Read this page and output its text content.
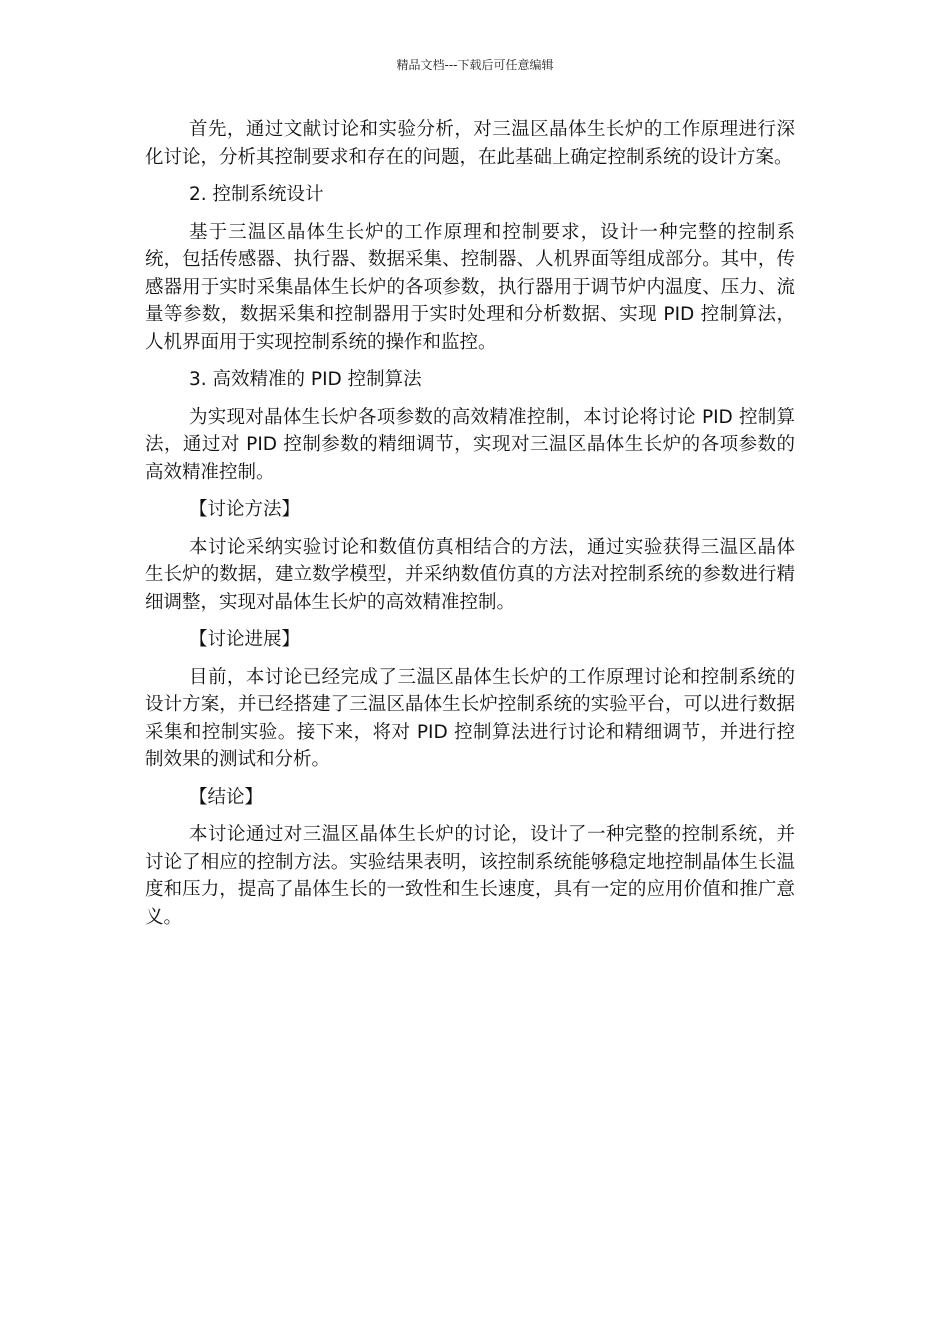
精品文档---下载后可任意编辑

首先，通过文献讨论和实验分析，对三温区晶体生长炉的工作原理进行深化讨论，分析其控制要求和存在的问题，在此基础上确定控制系统的设计方案。

2. 控制系统设计

基于三温区晶体生长炉的工作原理和控制要求，设计一种完整的控制系统，包括传感器、执行器、数据采集、控制器、人机界面等组成部分。其中，传感器用于实时采集晶体生长炉的各项参数，执行器用于调节炉内温度、压力、流量等参数，数据采集和控制器用于实时处理和分析数据、实现 PID 控制算法，人机界面用于实现控制系统的操作和监控。

3. 高效精准的 PID 控制算法

为实现对晶体生长炉各项参数的高效精准控制，本讨论将讨论 PID 控制算法，通过对 PID 控制参数的精细调节，实现对三温区晶体生长炉的各项参数的高效精准控制。

【讨论方法】

本讨论采纳实验讨论和数值仿真相结合的方法，通过实验获得三温区晶体生长炉的数据，建立数学模型，并采纳数值仿真的方法对控制系统的参数进行精细调整，实现对晶体生长炉的高效精准控制。

【讨论进展】

目前，本讨论已经完成了三温区晶体生长炉的工作原理讨论和控制系统的设计方案，并已经搭建了三温区晶体生长炉控制系统的实验平台，可以进行数据采集和控制实验。接下来，将对 PID 控制算法进行讨论和精细调节，并进行控制效果的测试和分析。

【结论】

本讨论通过对三温区晶体生长炉的讨论，设计了一种完整的控制系统，并讨论了相应的控制方法。实验结果表明，该控制系统能够稳定地控制晶体生长温度和压力，提高了晶体生长的一致性和生长速度，具有一定的应用价值和推广意义。
